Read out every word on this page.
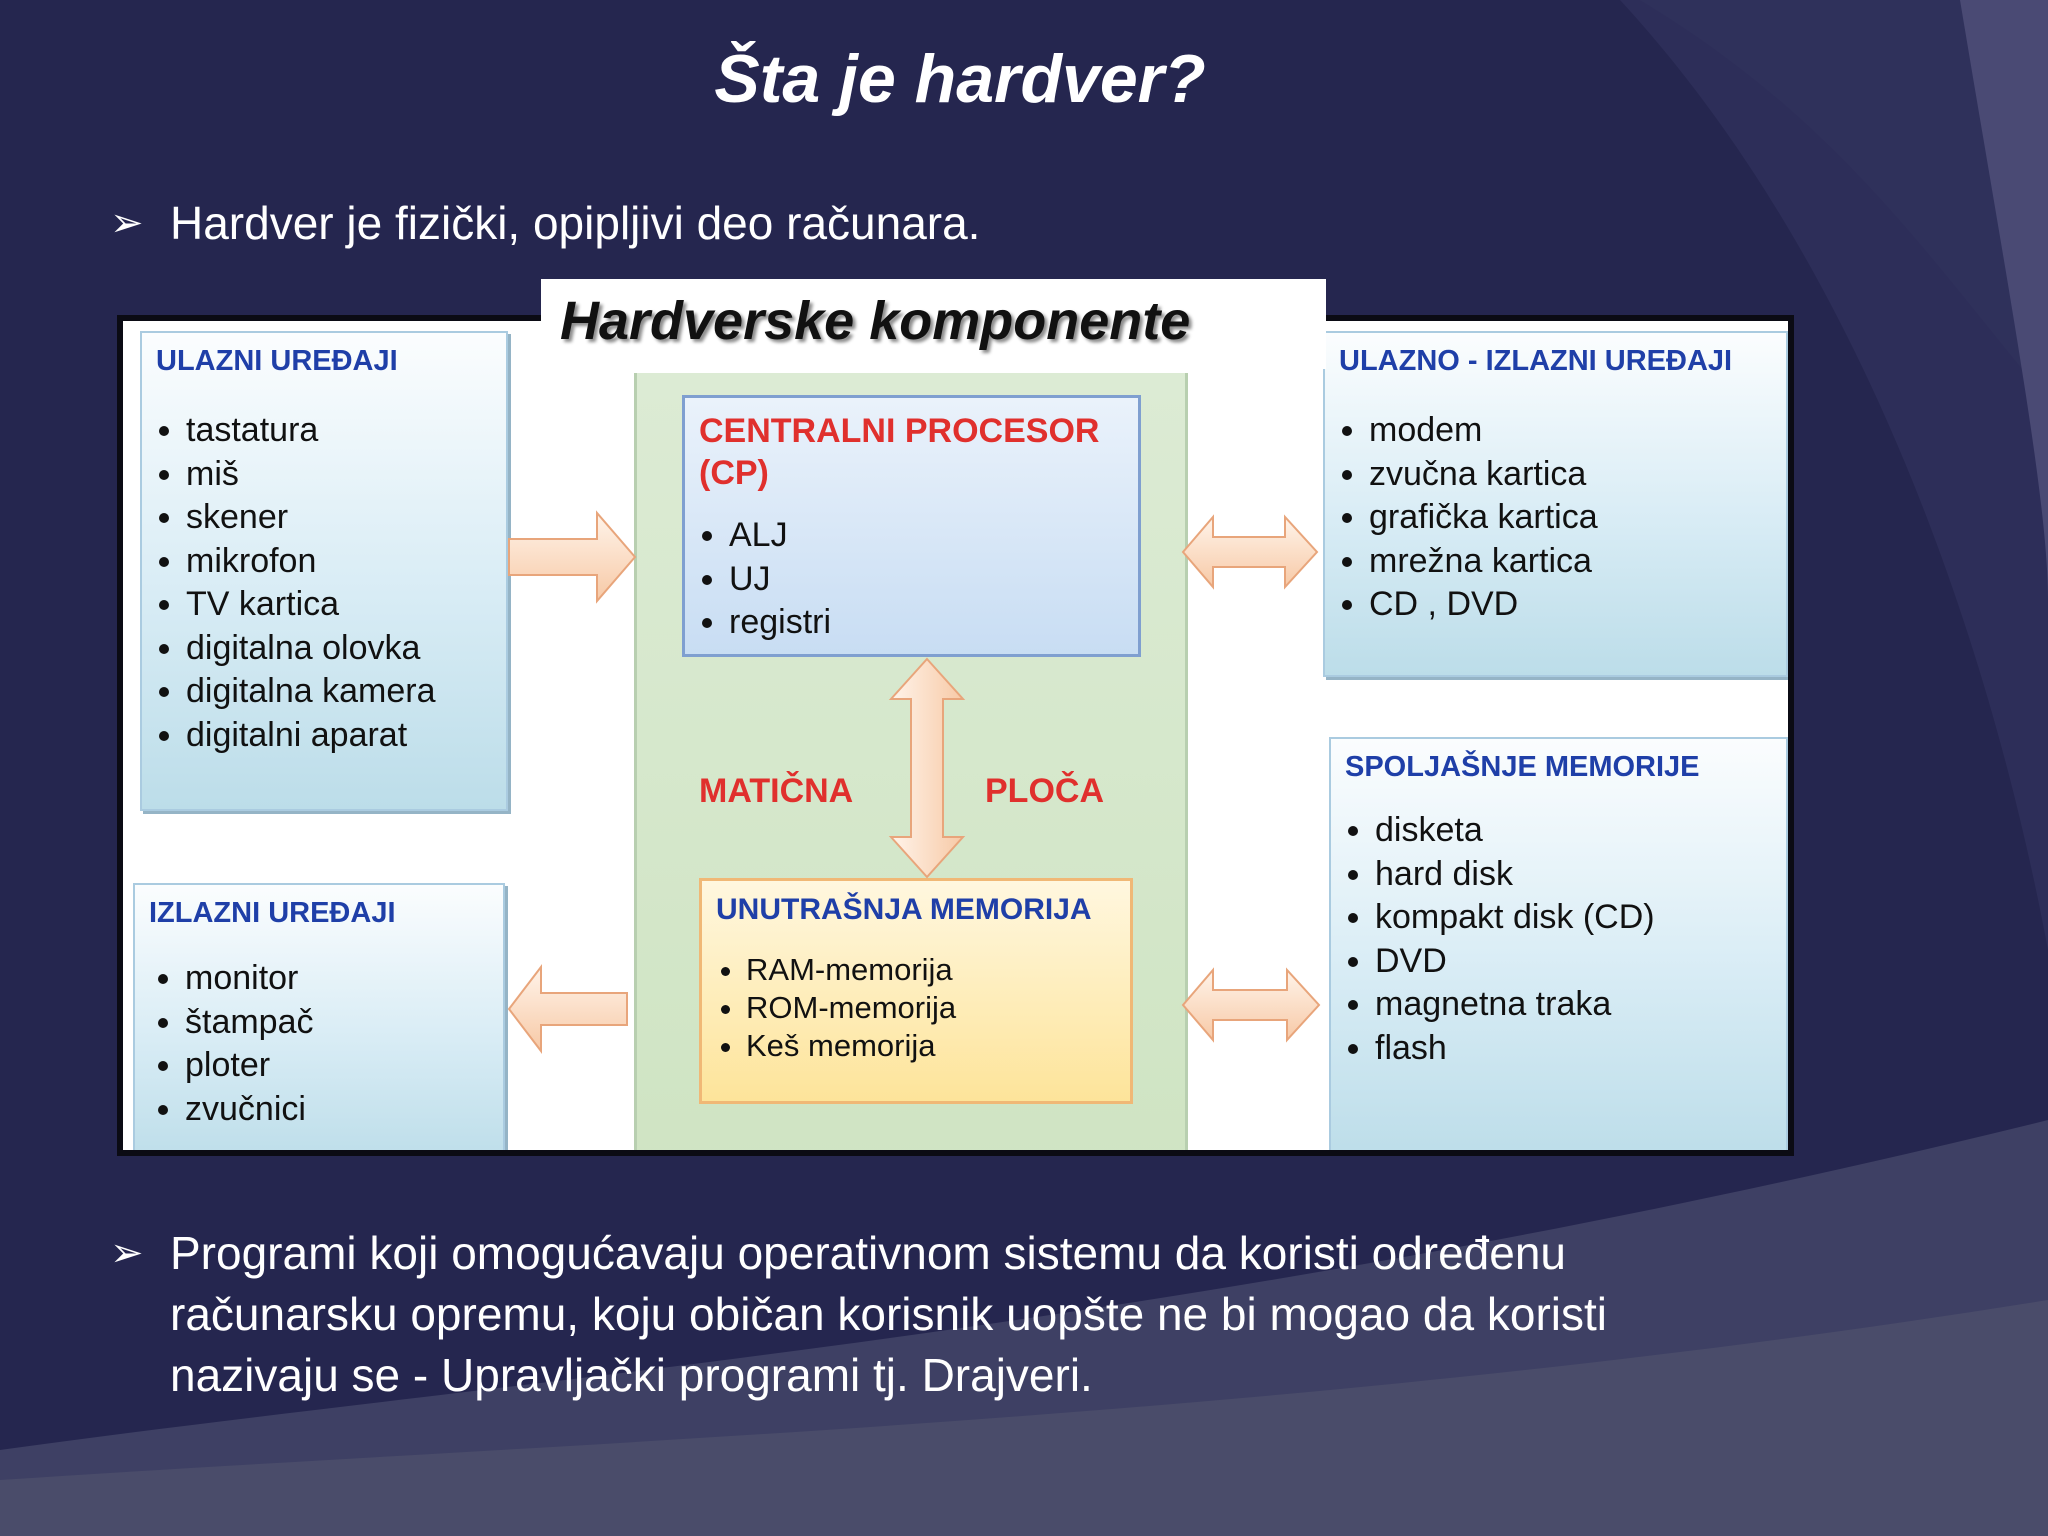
Šta je hardver?
➢ Hardver je fizički, opipljivi deo računara.
ULAZNI UREĐAJI
• tastatura
• miš
• skener
• mikrofon
• TV kartica
• digitalna olovka
• digitalna kamera
• digitalni aparat
IZLAZNI UREĐAJI
• monitor
• štampač
• ploter
• zvučnici
ULAZNO - IZLAZNI UREĐAJI
• modem
• zvučna kartica
• grafička kartica
• mrežna kartica
• CD , DVD
SPOLJAŠNJE MEMORIJE
• disketa
• hard disk
• kompakt disk (CD)
• DVD
• magnetna traka
• flash
CENTRALNI PROCESOR (CP)
• ALJ
• UJ
• registri
UNUTRAŠNJA MEMORIJA
• RAM-memorija
• ROM-memorija
• Keš memorija
MATIČNA	PLOČA
Hardverske komponente
➢ Programi koji omogućavaju operativnom sistemu da koristi određenu
računarsku opremu, koju običan korisnik uopšte ne bi mogao da koristi
nazivaju se - Upravljački programi tj. Drajveri.
